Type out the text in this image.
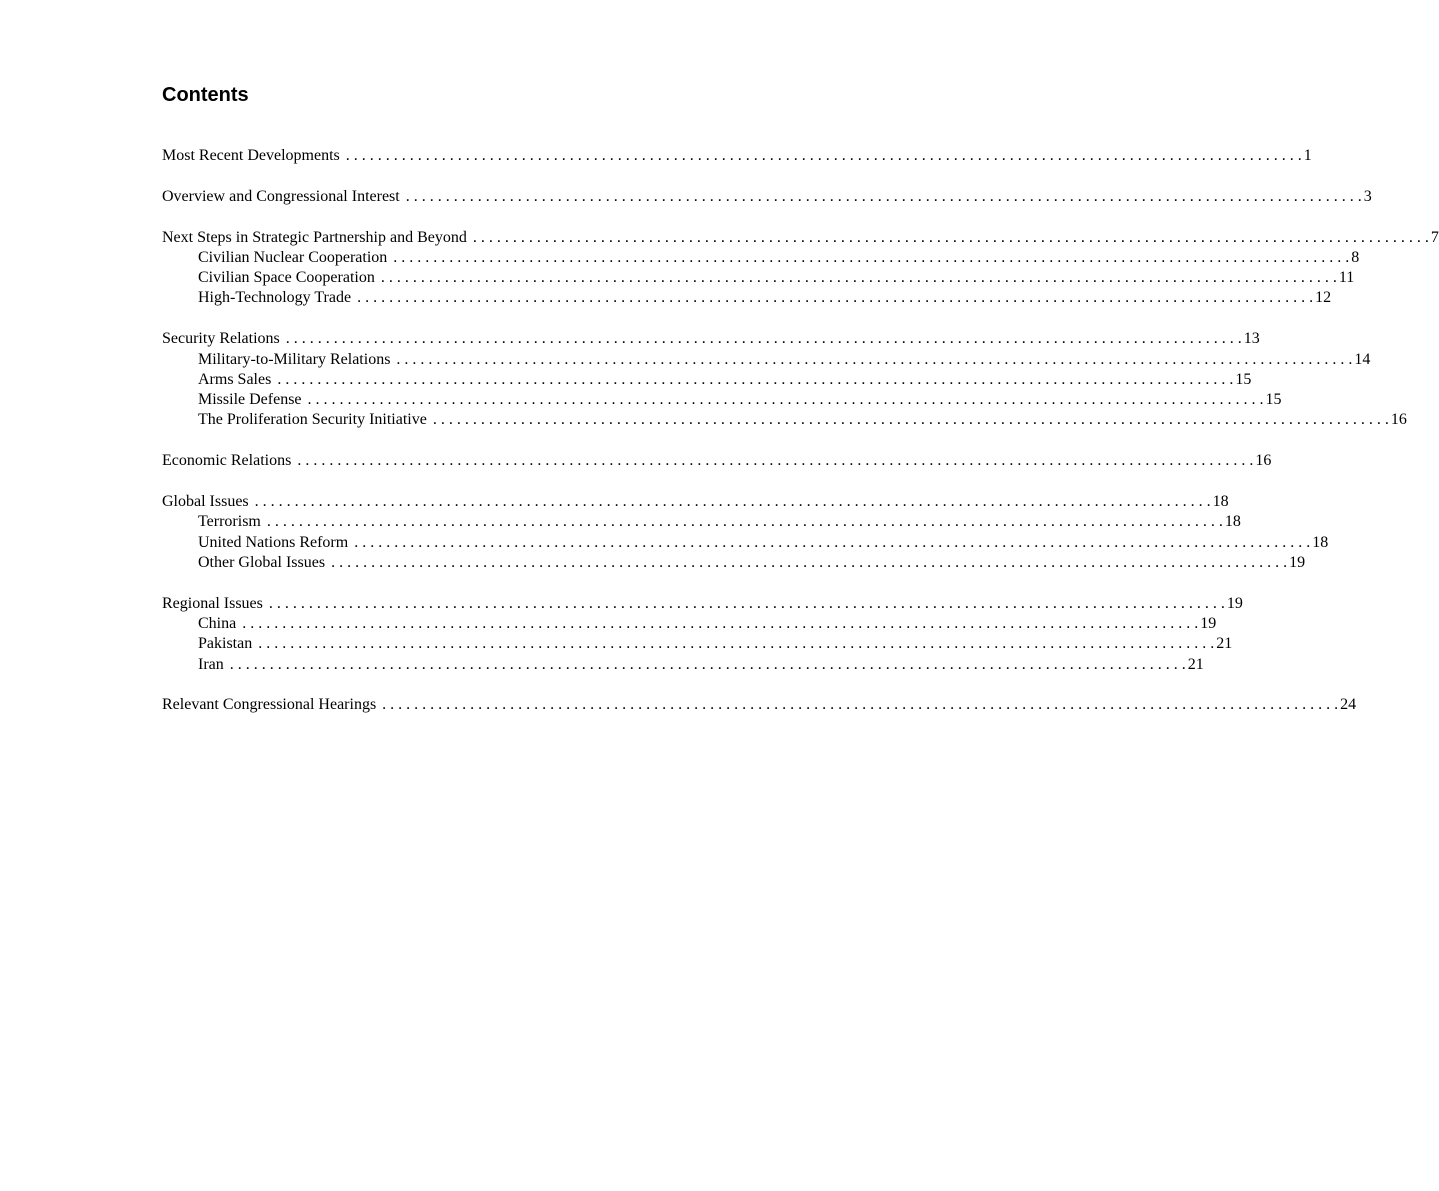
Contents
Most Recent Developments . . . . . . . . . . . . . . . . . . . . . . . . . . . . . . . . . . . . . . . . . . . . . . . . . . . . . . . . . . . . . . . . . . . . . . . . . . . . . . . . . . . . . . . . . . . . . . . . . . . . . . . . . . . . . . . . . . . . . . . . 1
Overview and Congressional Interest . . . . . . . . . . . . . . . . . . . . . . . . . . . . . . . . . . . . . . . . . . . . . . . . . . . . . . . . . . . . . . . . . . . . . . . . . . . . . . . . . . . . . . . . . . . . . . . . . . . . . . . . . . . . . . . . . . . . . . . . 3
Next Steps in Strategic Partnership and Beyond . . . . . . . . . . . . . . . . . . . . . . . . . . . . . . . . . . . . . . . . . . . . . . . . . . . . . . . . . . . . . . . . . . . . . . . . . . . . . . . . . . . . . . . . . . . . . . . . . . . . . . . . . . . . . . . . . . . . . . . . 7
Civilian Nuclear Cooperation . . . . . . . . . . . . . . . . . . . . . . . . . . . . . . . . . . . . . . . . . . . . . . . . . . . . . . . . . . . . . . . . . . . . . . . . . . . . . . . . . . . . . . . . . . . . . . . . . . . . . . . . . . . . . . . . . . . . . . . . 8
Civilian Space Cooperation . . . . . . . . . . . . . . . . . . . . . . . . . . . . . . . . . . . . . . . . . . . . . . . . . . . . . . . . . . . . . . . . . . . . . . . . . . . . . . . . . . . . . . . . . . . . . . . . . . . . . . . . . . . . . . . . . . . . . . . . 11
High-Technology Trade . . . . . . . . . . . . . . . . . . . . . . . . . . . . . . . . . . . . . . . . . . . . . . . . . . . . . . . . . . . . . . . . . . . . . . . . . . . . . . . . . . . . . . . . . . . . . . . . . . . . . . . . . . . . . . . . . . . . . . . . 12
Security Relations . . . . . . . . . . . . . . . . . . . . . . . . . . . . . . . . . . . . . . . . . . . . . . . . . . . . . . . . . . . . . . . . . . . . . . . . . . . . . . . . . . . . . . . . . . . . . . . . . . . . . . . . . . . . . . . . . . . . . . . . 13
Military-to-Military Relations . . . . . . . . . . . . . . . . . . . . . . . . . . . . . . . . . . . . . . . . . . . . . . . . . . . . . . . . . . . . . . . . . . . . . . . . . . . . . . . . . . . . . . . . . . . . . . . . . . . . . . . . . . . . . . . . . . . . . . . . 14
Arms Sales . . . . . . . . . . . . . . . . . . . . . . . . . . . . . . . . . . . . . . . . . . . . . . . . . . . . . . . . . . . . . . . . . . . . . . . . . . . . . . . . . . . . . . . . . . . . . . . . . . . . . . . . . . . . . . . . . . . . . . . . 15
Missile Defense . . . . . . . . . . . . . . . . . . . . . . . . . . . . . . . . . . . . . . . . . . . . . . . . . . . . . . . . . . . . . . . . . . . . . . . . . . . . . . . . . . . . . . . . . . . . . . . . . . . . . . . . . . . . . . . . . . . . . . . . 15
The Proliferation Security Initiative . . . . . . . . . . . . . . . . . . . . . . . . . . . . . . . . . . . . . . . . . . . . . . . . . . . . . . . . . . . . . . . . . . . . . . . . . . . . . . . . . . . . . . . . . . . . . . . . . . . . . . . . . . . . . . . . . . . . . . . . 16
Economic Relations . . . . . . . . . . . . . . . . . . . . . . . . . . . . . . . . . . . . . . . . . . . . . . . . . . . . . . . . . . . . . . . . . . . . . . . . . . . . . . . . . . . . . . . . . . . . . . . . . . . . . . . . . . . . . . . . . . . . . . . . 16
Global Issues . . . . . . . . . . . . . . . . . . . . . . . . . . . . . . . . . . . . . . . . . . . . . . . . . . . . . . . . . . . . . . . . . . . . . . . . . . . . . . . . . . . . . . . . . . . . . . . . . . . . . . . . . . . . . . . . . . . . . . . . 18
Terrorism . . . . . . . . . . . . . . . . . . . . . . . . . . . . . . . . . . . . . . . . . . . . . . . . . . . . . . . . . . . . . . . . . . . . . . . . . . . . . . . . . . . . . . . . . . . . . . . . . . . . . . . . . . . . . . . . . . . . . . . . 18
United Nations Reform . . . . . . . . . . . . . . . . . . . . . . . . . . . . . . . . . . . . . . . . . . . . . . . . . . . . . . . . . . . . . . . . . . . . . . . . . . . . . . . . . . . . . . . . . . . . . . . . . . . . . . . . . . . . . . . . . . . . . . . . 18
Other Global Issues . . . . . . . . . . . . . . . . . . . . . . . . . . . . . . . . . . . . . . . . . . . . . . . . . . . . . . . . . . . . . . . . . . . . . . . . . . . . . . . . . . . . . . . . . . . . . . . . . . . . . . . . . . . . . . . . . . . . . . . . 19
Regional Issues . . . . . . . . . . . . . . . . . . . . . . . . . . . . . . . . . . . . . . . . . . . . . . . . . . . . . . . . . . . . . . . . . . . . . . . . . . . . . . . . . . . . . . . . . . . . . . . . . . . . . . . . . . . . . . . . . . . . . . . . 19
China . . . . . . . . . . . . . . . . . . . . . . . . . . . . . . . . . . . . . . . . . . . . . . . . . . . . . . . . . . . . . . . . . . . . . . . . . . . . . . . . . . . . . . . . . . . . . . . . . . . . . . . . . . . . . . . . . . . . . . . . 19
Pakistan . . . . . . . . . . . . . . . . . . . . . . . . . . . . . . . . . . . . . . . . . . . . . . . . . . . . . . . . . . . . . . . . . . . . . . . . . . . . . . . . . . . . . . . . . . . . . . . . . . . . . . . . . . . . . . . . . . . . . . . . 21
Iran . . . . . . . . . . . . . . . . . . . . . . . . . . . . . . . . . . . . . . . . . . . . . . . . . . . . . . . . . . . . . . . . . . . . . . . . . . . . . . . . . . . . . . . . . . . . . . . . . . . . . . . . . . . . . . . . . . . . . . . . 21
Relevant Congressional Hearings . . . . . . . . . . . . . . . . . . . . . . . . . . . . . . . . . . . . . . . . . . . . . . . . . . . . . . . . . . . . . . . . . . . . . . . . . . . . . . . . . . . . . . . . . . . . . . . . . . . . . . . . . . . . . . . . . . . . . . . . 24
